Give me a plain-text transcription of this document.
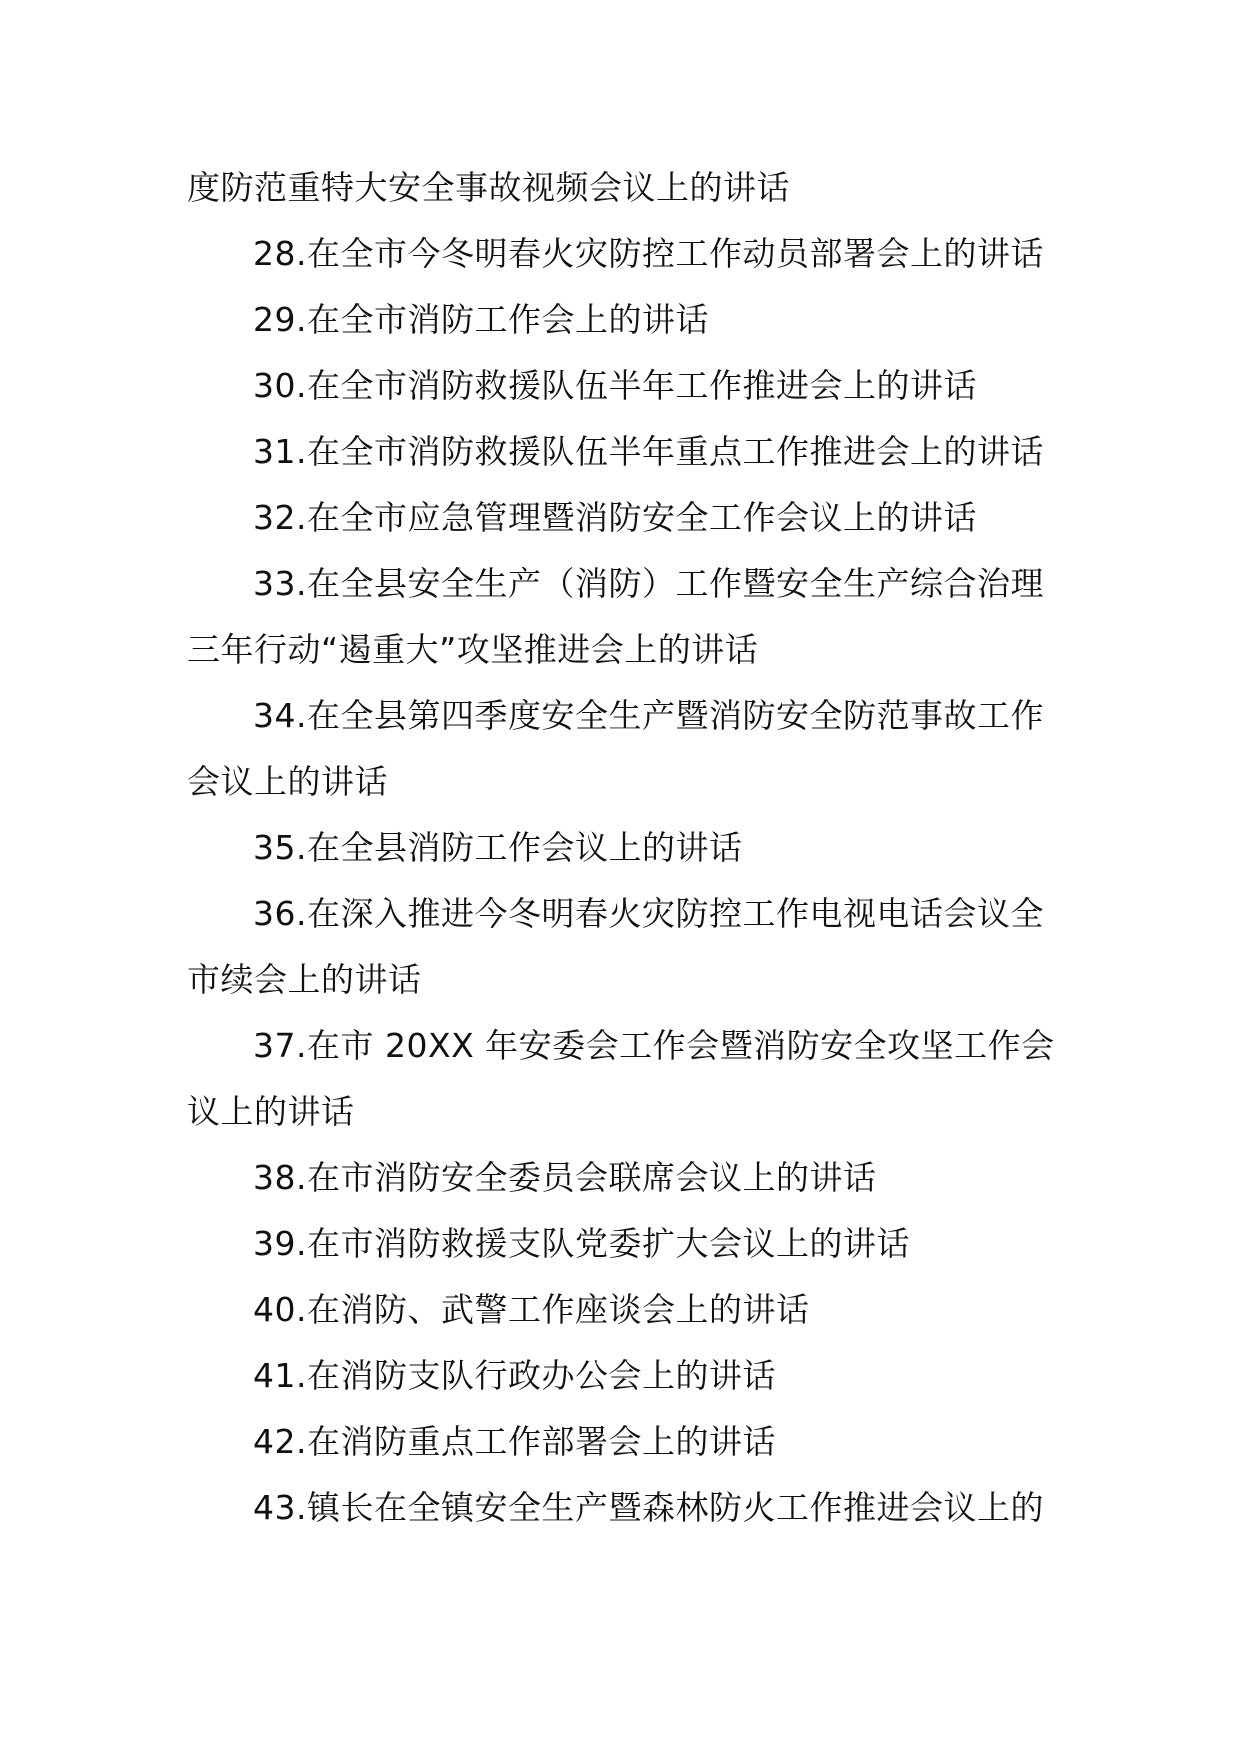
度防范重特大安全事故视频会议上的讲话
28.在全市今冬明春火灾防控工作动员部署会上的讲话
29.在全市消防工作会上的讲话
30.在全市消防救援队伍半年工作推进会上的讲话
31.在全市消防救援队伍半年重点工作推进会上的讲话
32.在全市应急管理暨消防安全工作会议上的讲话
33.在全县安全生产（消防）工作暨安全生产综合治理
三年行动“遏重大”攻坚推进会上的讲话
34.在全县第四季度安全生产暨消防安全防范事故工作
会议上的讲话
35.在全县消防工作会议上的讲话
36.在深入推进今冬明春火灾防控工作电视电话会议全
市续会上的讲话
37.在市 20XX 年安委会工作会暨消防安全攻坚工作会
议上的讲话
38.在市消防安全委员会联席会议上的讲话
39.在市消防救援支队党委扩大会议上的讲话
40.在消防、武警工作座谈会上的讲话
41.在消防支队行政办公会上的讲话
42.在消防重点工作部署会上的讲话
43.镇长在全镇安全生产暨森林防火工作推进会议上的
